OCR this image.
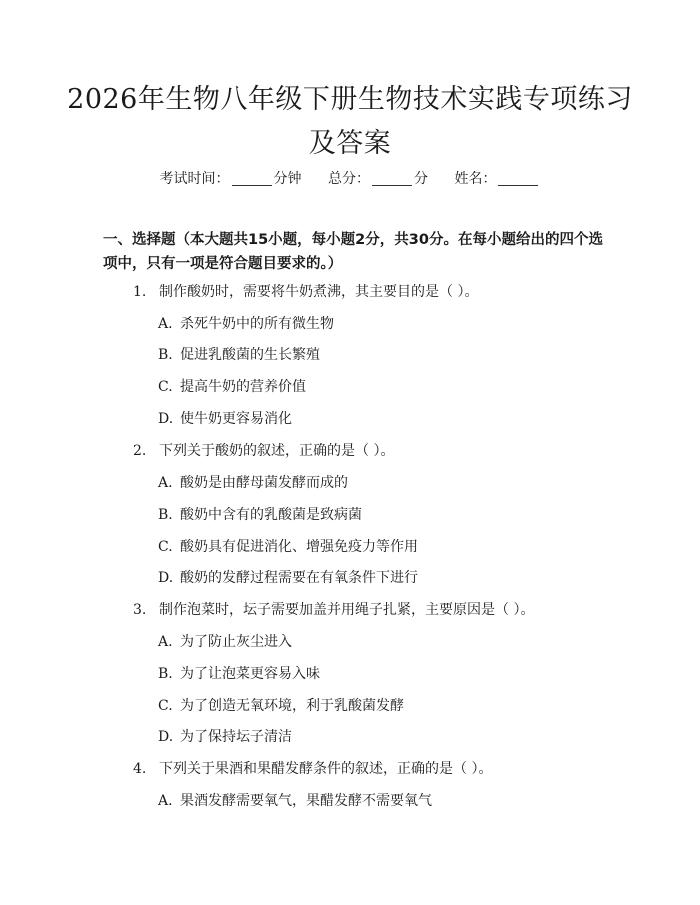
2026年生物八年级下册生物技术实践专项练习及答案
考试时间：	分钟 总分：	分 姓名：
一、选择题（本大题共15小题，每小题2分，共30分。在每小题给出的四个选项中，只有一项是符合题目要求的。）
1. 制作酸奶时，需要将牛奶煮沸，其主要目的是（ ）。
A. 杀死牛奶中的所有微生物
B. 促进乳酸菌的生长繁殖
C. 提高牛奶的营养价值
D. 使牛奶更容易消化
2. 下列关于酸奶的叙述，正确的是（ ）。
A. 酸奶是由酵母菌发酵而成的
B. 酸奶中含有的乳酸菌是致病菌
C. 酸奶具有促进消化、增强免疫力等作用
D. 酸奶的发酵过程需要在有氧条件下进行
3. 制作泡菜时，坛子需要加盖并用绳子扎紧，主要原因是（ ）。
A. 为了防止灰尘进入
B. 为了让泡菜更容易入味
C. 为了创造无氧环境，利于乳酸菌发酵
D. 为了保持坛子清洁
4. 下列关于果酒和果醋发酵条件的叙述，正确的是（ ）。
A. 果酒发酵需要氧气，果醋发酵不需要氧气
